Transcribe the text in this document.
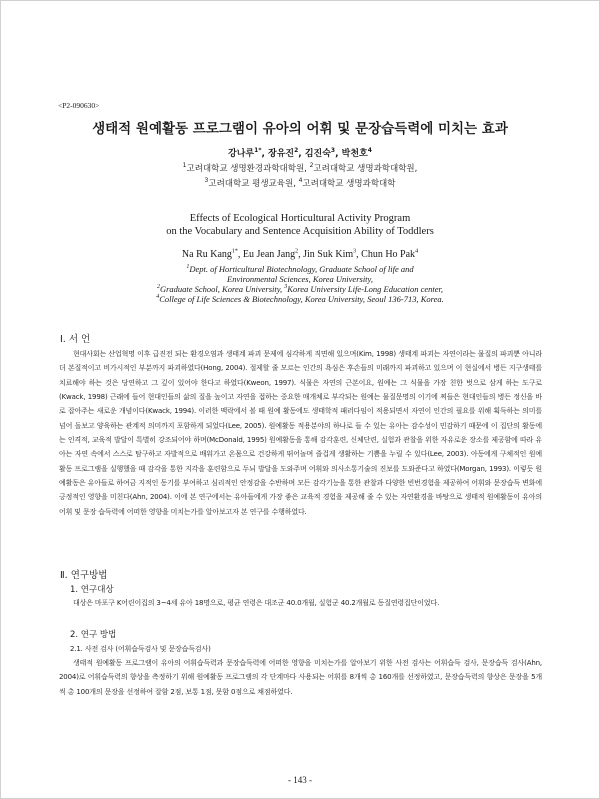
<P2-090630>
생태적 원예활동 프로그램이 유아의 어휘 및 문장습득력에 미치는 효과
강나루$^{1*}$, 장유진$^2$, 김진숙$^3$, 박천호$^4$
$^1$고려대학교 생명환경과학대학원, $^2$고려대학교 생명과학대학원,
$^3$고려대학교 평생교육원, $^4$고려대학교 생명과학대학
Effects of Ecological Horticultural Activity Program
on the Vocabulary and Sentence Acquisition Ability of Toddlers
Na Ru Kang$^{1*}$, Eu Jean Jang$^2$, Jin Suk Kim$^3$, Chun Ho Pak$^4$
$^1$Dept. of Horticultural Biotechnology, Graduate School of life and
Environmental Sciences, Korea University,
$^2$Graduate School, Korea University, $^3$Korea University Life-Long Education center,
$^4$College of Life Sciences & Biotechnology, Korea University, Seoul 136-713, Korea.
Ⅰ. 서 언
현대사회는 산업혁명 이후 급진전 되는 환경오염과 생태계 파괴 문제에 심각하게 직면해 있으며(Kim, 1998) 생태계 파괴는 자연이라는 물질의 파괴뿐 아니라 더 본질적이고 비가시적인 부분까지 파괴하였다(Hong, 2004). 절제할 줄 모르는 인간의 욕심은 후손들의 미래까지 파괴하고 있으며 이 현실에서 병든 지구생태를 치료해야 하는 것은 당연하고 그 깊이 있어야 한다고 하였다(Kweon, 1997). 식물은 자연의 근본이요, 원예는 그 식물을 가장 친한 벗으로 삼게 하는 도구로(Kwack, 1998) 근래에 들어 현대인들의 삶의 질을 높이고 자연을 접하는 중요한 매개체로 부각되는 원예는 물질문명의 이기에 찌들은 현대인들의 병든 정신을 바로 잡아주는 새로운 개념이다(Kwack, 1994). 이러한 맥락에서 볼 때 원예 활동에도 생태학적 패러다임이 적용되면서 자연이 인간의 필요를 위해 획득하는 의미를 넘어 돌보고 양육하는 관계적 의미까지 포함하게 되었다(Lee, 2005). 원예활동 적용분야의 하나로 들 수 있는 유아는 감수성이 민감하기 때문에 이 집단의 활동에는 인격적, 교육적 발달이 특별히 강조되어야 하며(McDonald, 1995) 원예활동을 통해 감각훈련, 신체단련, 실험과 관찰을 위한 자유로운 장소를 제공함에 따라 유아는 자연 속에서 스스로 탐구하고 자발적으로 배워가고 온몸으로 건강하게 뛰어놀며 즐겁게 생활하는 기쁨을 누릴 수 있다(Lee, 2003). 아동에게 구체적인 원예 활동 프로그램을 실행했을 때 감각을 통한 지각을 훈련함으로 두뇌 발달을 도와주며 어휘와 의사소통기술의 진보를 도와준다고 하였다(Morgan, 1993). 이렇듯 원예활동은 유아들로 하여금 지적인 동기를 부여하고 심리적인 안정감을 수반하며 모든 감각기능을 통한 관찰과 다양한 빈번경험을 제공하여 어휘와 문장습득 변화에 긍정적인 영향을 미친다(Ahn, 2004). 이에 본 연구에서는 유아들에게 가장 좋은 교육적 경험을 제공해 줄 수 있는 자연환경을 바탕으로 생태적 원예활동이 유아의 어휘 및 문장 습득력에 어떠한 영향을 미치는가를 알아보고자 본 연구를 수행하였다.
Ⅱ. 연구방법
1. 연구대상
대상은 마포구 K어린이집의 3~4세 유아 18명으로, 평균 연령은 대조군 40.0개월, 실험군 40.2개월로 동질연령집단이었다.
2. 연구 방법
2.1. 사전 검사 (어휘습득검사 및 문장습득검사)
생태적 원예활동 프로그램이 유아의 어휘습득력과 문장습득력에 어떠한 영향을 미치는가를 알아보기 위한 사전 검사는 어휘습득 검사, 문장습득 검사(Ahn, 2004)로 어휘습득력의 향상을 측정하기 위해 원예활동 프로그램의 각 단계마다 사용되는 어휘를 8개씩 총 160개를 선정하였고, 문장습득력의 향상은 문장을 5개씩 총 100개의 문장을 선정하여 잘함 2점, 보통 1점, 못함 0점으로 채점하였다.
- 143 -
